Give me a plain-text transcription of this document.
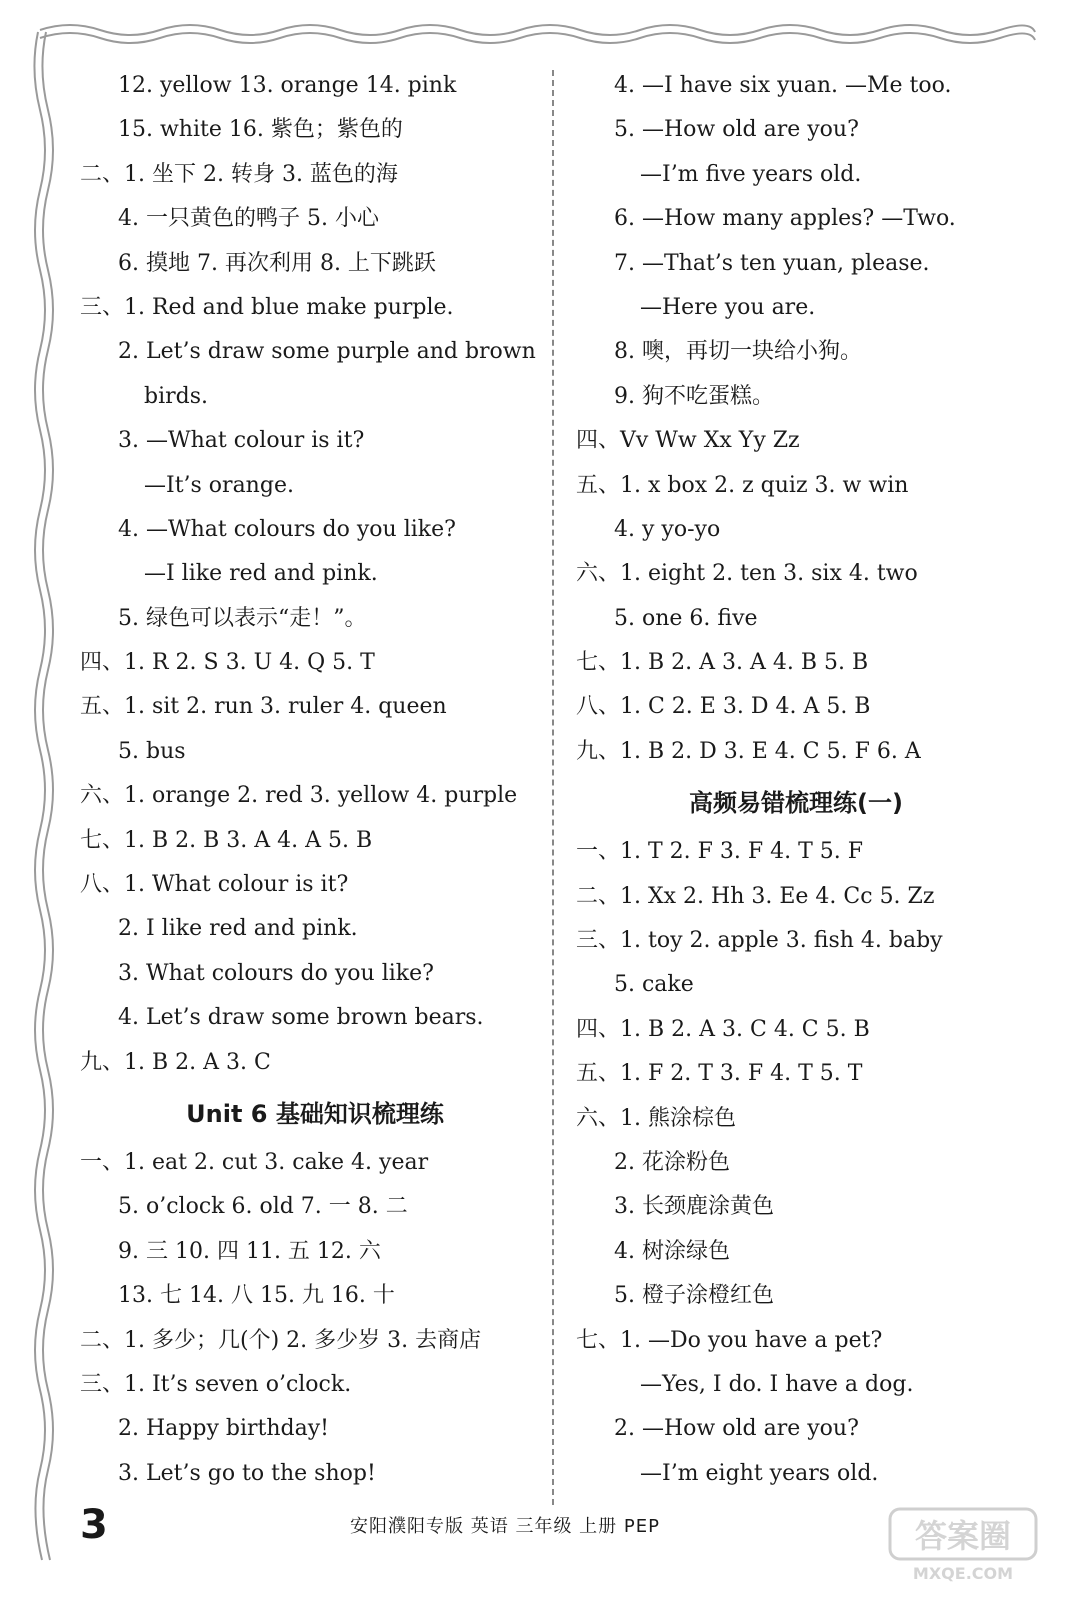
12. yellow 13. orange 14. pink
15. white 16. 紫色；紫色的
二、1. 坐下 2. 转身 3. 蓝色的海
4. 一只黄色的鸭子 5. 小心
6. 摸地 7. 再次利用 8. 上下跳跃
三、1. Red and blue make purple.
2. Let’s draw some purple and brown
birds.
3. —What colour is it?
—It’s orange.
4. —What colours do you like?
—I like red and pink.
5. 绿色可以表示“走！”。
四、1. R 2. S 3. U 4. Q 5. T
五、1. sit 2. run 3. ruler 4. queen
5. bus
六、1. orange 2. red 3. yellow 4. purple
七、1. B 2. B 3. A 4. A 5. B
八、1. What colour is it?
2. I like red and pink.
3. What colours do you like?
4. Let’s draw some brown bears.
九、1. B 2. A 3. C
Unit 6 基础知识梳理练
一、1. eat 2. cut 3. cake 4. year
5. o’clock 6. old 7. 一 8. 二
9. 三 10. 四 11. 五 12. 六
13. 七 14. 八 15. 九 16. 十
二、1. 多少；几(个) 2. 多少岁 3. 去商店
三、1. It’s seven o’clock.
2. Happy birthday!
3. Let’s go to the shop!
4. —I have six yuan. —Me too.
5. —How old are you?
—I’m five years old.
6. —How many apples? —Two.
7. —That’s ten yuan, please.
—Here you are.
8. 噢，再切一块给小狗。
9. 狗不吃蛋糕。
四、Vv Ww Xx Yy Zz
五、1. x box 2. z quiz 3. w win
4. y yo-yo
六、1. eight 2. ten 3. six 4. two
5. one 6. five
七、1. B 2. A 3. A 4. B 5. B
八、1. C 2. E 3. D 4. A 5. B
九、1. B 2. D 3. E 4. C 5. F 6. A
高频易错梳理练(一)
一、1. T 2. F 3. F 4. T 5. F
二、1. Xx 2. Hh 3. Ee 4. Cc 5. Zz
三、1. toy 2. apple 3. fish 4. baby
5. cake
四、1. B 2. A 3. C 4. C 5. B
五、1. F 2. T 3. F 4. T 5. T
六、1. 熊涂棕色
2. 花涂粉色
3. 长颈鹿涂黄色
4. 树涂绿色
5. 橙子涂橙红色
七、1. —Do you have a pet?
—Yes, I do. I have a dog.
2. —How old are you?
—I’m eight years old.
3	安阳濮阳专版 英语 三年级 上册 PEP	答案圈
MXQE.COM
